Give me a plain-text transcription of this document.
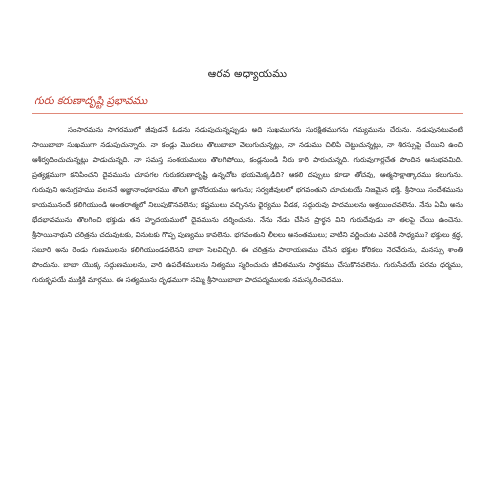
ఆరవ అధ్యాయము
గురు కరుణాదృష్టి ప్రభావము
సంసారమను సాగరములో జీవుడనే ఓడను నడుపుచున్నప్పుడు అది సుఖముగను సురక్షితముగను గమ్యమును చేరును. నడుపునటువంటి సాయిబాబా సుఖముగా నడుపుచున్నారు. నా కండ్లు మొదలు తొలుబాబా వెలుగుచున్నట్లు, నా నడుము చిలిపి చెట్టుచున్నట్లు, నా శిరస్సుపై చేయిని ఉంచి ఆశీర్వదించుచున్నట్లు పాడుచున్నది. నా సమస్త సంశయములు తొలగిపోయి, కండ్లనుండి నీరు కారి పారుచున్నది. గురువుగార్లచేత పొందిన అనుభవమిది. ప్రత్యక్షముగా కనిపించని దైవమును చూపగల గురుకరుణాదృష్టి ఉన్నచోట భయమెక్కడిది? ఆకలి దప్పులు కూడా తోచవు, ఆత్మసాక్షాత్కారము కలుగును. గురువుని అనుగ్రహము వలననే అజ్ఞానాంధకారము తొలగి జ్ఞానోదయము అగును; సర్వజీవులలో భగవంతుని చూచుటయే నిజమైన భక్తి. శ్రీసాయి సందేశమును కాయమునందే కలిగియుండి అంతరాత్మలో నిలుపుకొనవలెను; కష్టములు వచ్చినను ధైర్యము వీడక, సద్గురువు పాదములను ఆశ్రయించవలెను. నేను ఏమీ అను భేదభావమును తొలగించి భక్తుడు తన హృదయములో దైవమును దర్శించును. నేను నేడు చేసిన ప్రార్థన విని గురుదేవుడు నా తలపై చేయి ఉంచెను. శ్రీసాయినాథుని చరిత్రను చదువుటకు, వినుటకు గొప్ప పుణ్యము కావలెను. భగవంతుని లీలలు అనంతములు; వాటిని వర్ణించుట ఎవరికి సాధ్యము? భక్తులు శ్రద్ధ, సబూరి అను రెండు గుణములను కలిగియుండవలెనని బాబా సెలవిచ్చిరి. ఈ చరిత్రను పారాయణము చేసిన భక్తుల కోరికలు నెరవేరును, మనస్సు శాంతి పొందును. బాబా యొక్క సద్గుణములను, వారి ఉపదేశములను నిత్యము స్మరించుచు జీవితమును సార్థకము చేసుకొనవలెను. గురుసేవయే పరమ ధర్మము, గురుకృపయే ముక్తికి మార్గము. ఈ సత్యమును దృఢముగా నమ్మి శ్రీసాయిబాబా పాదపద్మములకు నమస్కరించెదము.
